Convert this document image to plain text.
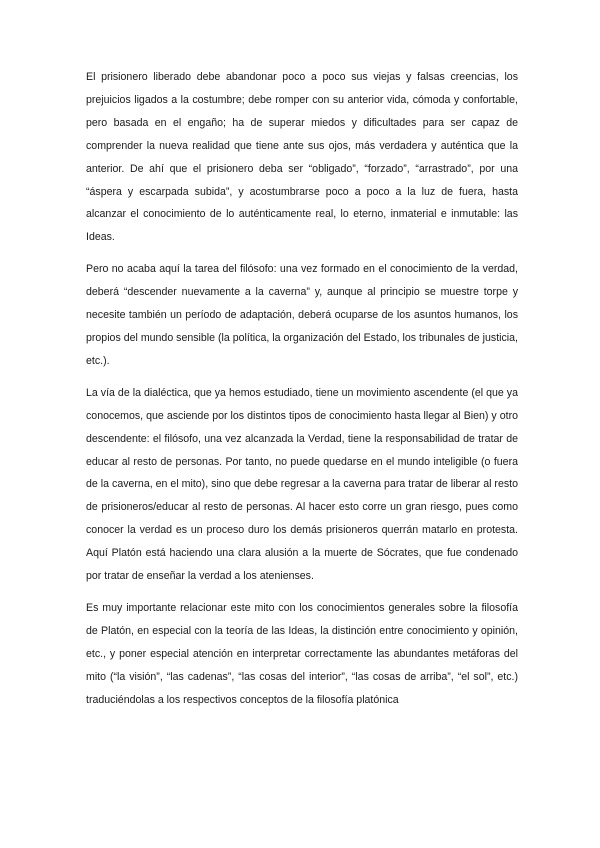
El prisionero liberado debe abandonar poco a poco sus viejas y falsas creencias, los prejuicios ligados a la costumbre; debe romper con su anterior vida, cómoda y confortable, pero basada en el engaño; ha de superar miedos y dificultades para ser capaz de comprender la nueva realidad que tiene ante sus ojos, más verdadera y auténtica que la anterior. De ahí que el prisionero deba ser “obligado”, “forzado”, “arrastrado”, por una “áspera y escarpada subida”, y acostumbrarse poco a poco a la luz de fuera, hasta alcanzar el conocimiento de lo auténticamente real, lo eterno, inmaterial e inmutable: las Ideas.

Pero no acaba aquí la tarea del filósofo: una vez formado en el conocimiento de la verdad, deberá “descender nuevamente a la caverna” y, aunque al principio se muestre torpe y necesite también un período de adaptación, deberá ocuparse de los asuntos humanos, los propios del mundo sensible (la política, la organización del Estado, los tribunales de justicia, etc.).

La vía de la dialéctica, que ya hemos estudiado, tiene un movimiento ascendente (el que ya conocemos, que asciende por los distintos tipos de conocimiento hasta llegar al Bien) y otro descendente: el filósofo, una vez alcanzada la Verdad, tiene la responsabilidad de tratar de educar al resto de personas. Por tanto, no puede quedarse en el mundo inteligible (o fuera de la caverna, en el mito), sino que debe regresar a la caverna para tratar de liberar al resto de prisioneros/educar al resto de personas. Al hacer esto corre un gran riesgo, pues como conocer la verdad es un proceso duro los demás prisioneros querrán matarlo en protesta. Aquí Platón está haciendo una clara alusión a la muerte de Sócrates, que fue condenado por tratar de enseñar la verdad a los atenienses.

Es muy importante relacionar este mito con los conocimientos generales sobre la filosofía de Platón, en especial con la teoría de las Ideas, la distinción entre conocimiento y opinión, etc., y poner especial atención en interpretar correctamente las abundantes metáforas del mito (“la visión”, “las cadenas”, “las cosas del interior”, “las cosas de arriba”, “el sol”, etc.) traduciéndolas a los respectivos conceptos de la filosofía platónica
